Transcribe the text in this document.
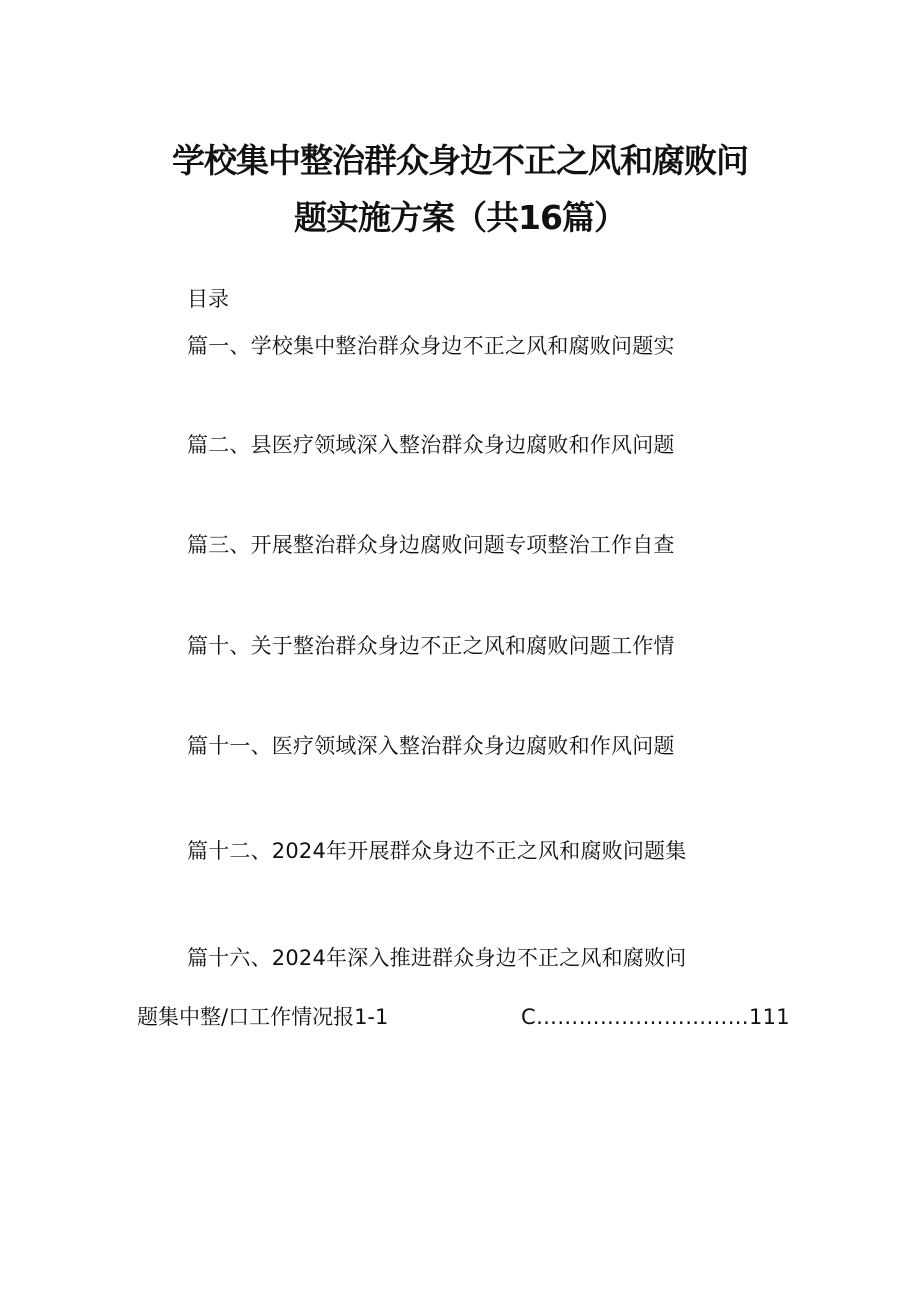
学校集中整治群众身边不正之风和腐败问
题实施方案（共16篇）
目录
篇一、学校集中整治群众身边不正之风和腐败问题实
篇二、县医疗领域深入整治群众身边腐败和作风问题
篇三、开展整治群众身边腐败问题专项整治工作自查
篇十、关于整治群众身边不正之风和腐败问题工作情
篇十一、医疗领域深入整治群众身边腐败和作风问题
篇十二、2024年开展群众身边不正之风和腐败问题集
篇十六、2024年深入推进群众身边不正之风和腐败问
题集中整/口工作情况报1-1	C…………………………111
